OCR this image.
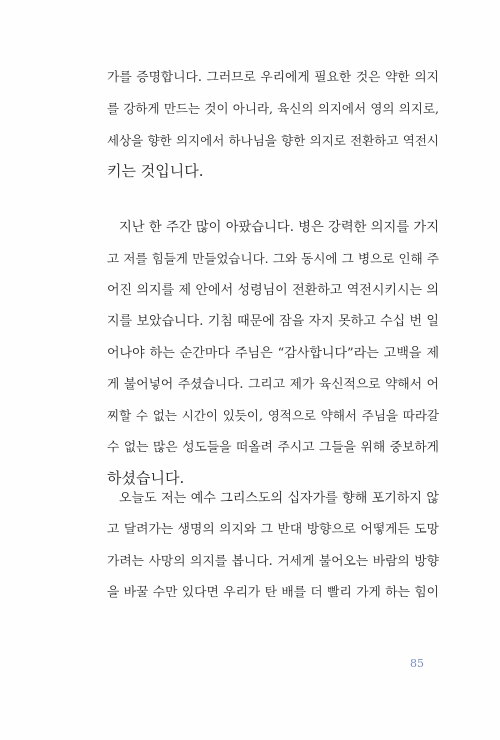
가를 증명합니다. 그러므로 우리에게 필요한 것은 약한 의지
를 강하게 만드는 것이 아니라, 육신의 의지에서 영의 의지로,
세상을 향한 의지에서 하나님을 향한 의지로 전환하고 역전시
키는 것입니다.
지난 한 주간 많이 아팠습니다. 병은 강력한 의지를 가지
고 저를 힘들게 만들었습니다. 그와 동시에 그 병으로 인해 주
어진 의지를 제 안에서 성령님이 전환하고 역전시키시는 의
지를 보았습니다. 기침 때문에 잠을 자지 못하고 수십 번 일
어나야 하는 순간마다 주님은 “감사합니다”라는 고백을 제
게 불어넣어 주셨습니다. 그리고 제가 육신적으로 약해서 어
찌할 수 없는 시간이 있듯이, 영적으로 약해서 주님을 따라갈
수 없는 많은 성도들을 떠올려 주시고 그들을 위해 중보하게
하셨습니다.
오늘도 저는 예수 그리스도의 십자가를 향해 포기하지 않
고 달려가는 생명의 의지와 그 반대 방향으로 어떻게든 도망
가려는 사망의 의지를 봅니다. 거세게 불어오는 바람의 방향
을 바꿀 수만 있다면 우리가 탄 배를 더 빨리 가게 하는 힘이
85
